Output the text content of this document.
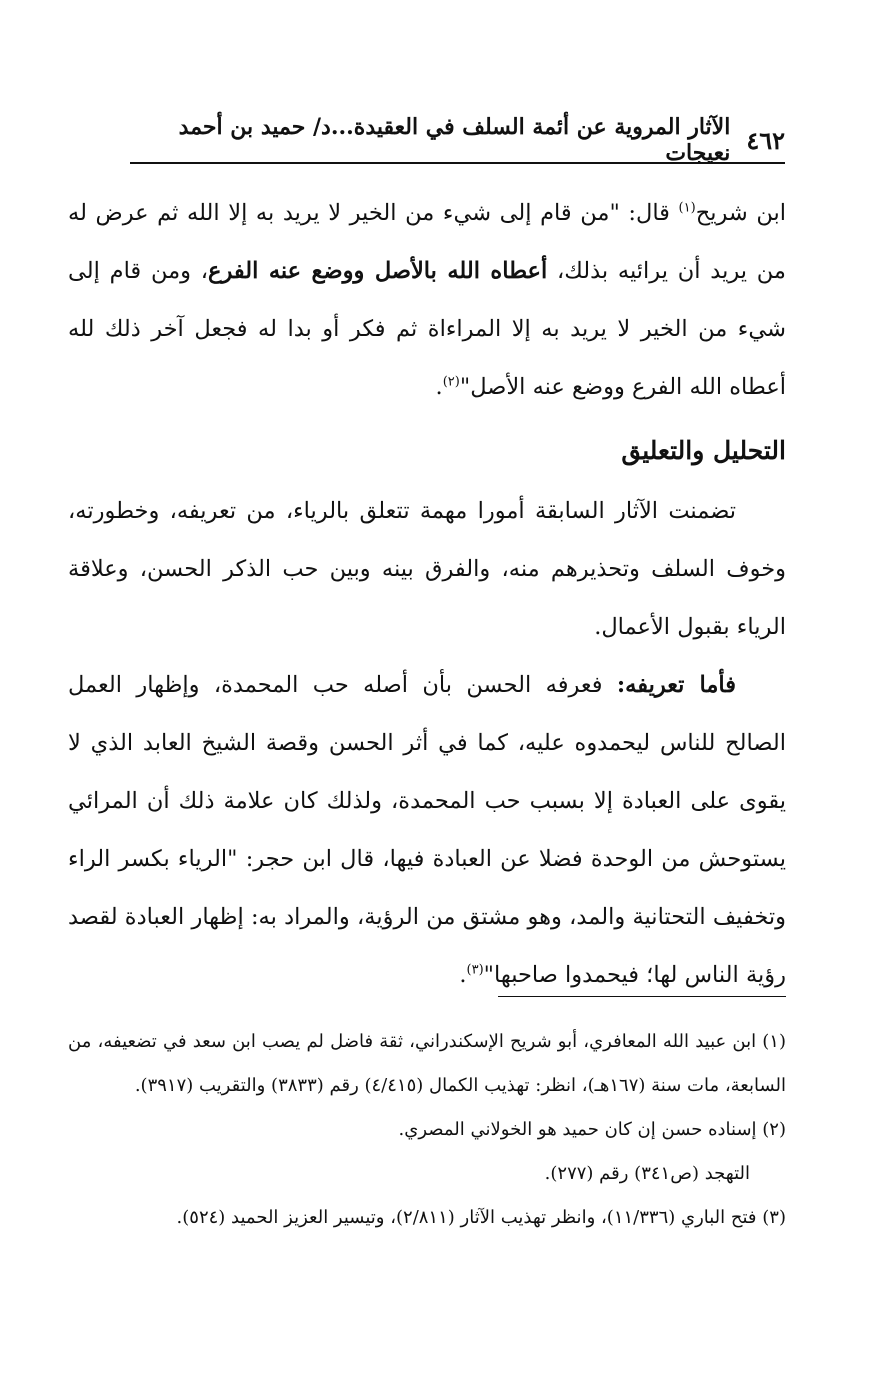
٤٦٢
الآثار المروية عن أئمة السلف في العقيدة...د/ حميد بن أحمد نعيجات

ابن شريح$^{(١)}$ قال: "من قام إلى شيء من الخير لا يريد به إلا الله ثم عرض له من يريد أن يرائيه بذلك، أعطاه الله بالأصل ووضع عنه الفرع، ومن قام إلى شيء من الخير لا يريد به إلا المراءاة ثم فكر أو بدا له فجعل آخر ذلك لله أعطاه الله الفرع ووضع عنه الأصل"$^{(٢)}$.

التحليل والتعليق

تضمنت الآثار السابقة أمورا مهمة تتعلق بالرياء، من تعريفه، وخطورته، وخوف السلف وتحذيرهم منه، والفرق بينه وبين حب الذكر الحسن، وعلاقة الرياء بقبول الأعمال.

فأما تعريفه: فعرفه الحسن بأن أصله حب المحمدة، وإظهار العمل الصالح للناس ليحمدوه عليه، كما في أثر الحسن وقصة الشيخ العابد الذي لا يقوى على العبادة إلا بسبب حب المحمدة، ولذلك كان علامة ذلك أن المرائي يستوحش من الوحدة فضلا عن العبادة فيها، قال ابن حجر: "الرياء بكسر الراء وتخفيف التحتانية والمد، وهو مشتق من الرؤية، والمراد به: إظهار العبادة لقصد رؤية الناس لها؛ فيحمدوا صاحبها"$^{(٣)}$.

(١) ابن عبيد الله المعافري، أبو شريح الإسكندراني، ثقة فاضل لم يصب ابن سعد في تضعيفه، من السابعة، مات سنة (١٦٧هـ)، انظر: تهذيب الكمال (٤/٤١٥) رقم (٣٨٣٣) والتقريب (٣٩١٧).

(٢) إسناده حسن إن كان حميد هو الخولاني المصري.

التهجد (ص٣٤١) رقم (٢٧٧).

(٣) فتح الباري (١١/٣٣٦)، وانظر تهذيب الآثار (٢/٨١١)، وتيسير العزيز الحميد (٥٢٤).
